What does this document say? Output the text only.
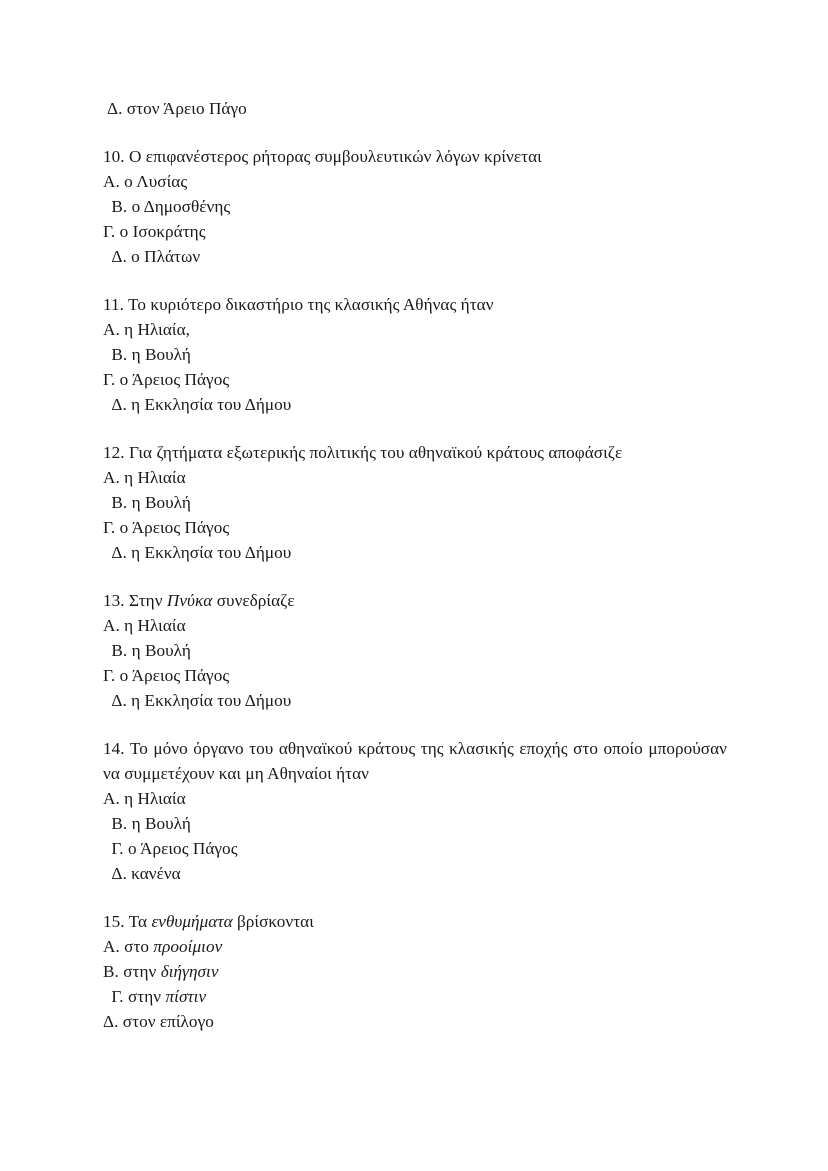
Δ. στον Άρειο Πάγο
10. Ο επιφανέστερος ρήτορας συμβουλευτικών λόγων κρίνεται
Α. ο Λυσίας
Β. ο Δημοσθένης
Γ. ο Ισοκράτης
Δ. ο Πλάτων
11. Το κυριότερο δικαστήριο της κλασικής Αθήνας ήταν
Α. η Ηλιαία,
Β. η Βουλή
Γ. ο Άρειος Πάγος
Δ. η Εκκλησία του Δήμου
12. Για ζητήματα εξωτερικής πολιτικής του αθηναϊκού κράτους αποφάσιζε
Α. η Ηλιαία
Β. η Βουλή
Γ. ο Άρειος Πάγος
Δ. η Εκκλησία του Δήμου
13. Στην Πνύκα συνεδρίαζε
Α. η Ηλιαία
Β. η Βουλή
Γ. ο Άρειος Πάγος
Δ. η Εκκλησία του Δήμου
14. Το μόνο όργανο του αθηναϊκού κράτους της κλασικής εποχής στο οποίο μπορούσαν να συμμετέχουν και μη Αθηναίοι ήταν
Α. η Ηλιαία
Β. η Βουλή
Γ. ο Άρειος Πάγος
Δ. κανένα
15. Τα ενθυμήματα βρίσκονται
Α. στο προοίμιον
Β. στην διήγησιν
Γ. στην πίστιν
Δ. στον επίλογο
